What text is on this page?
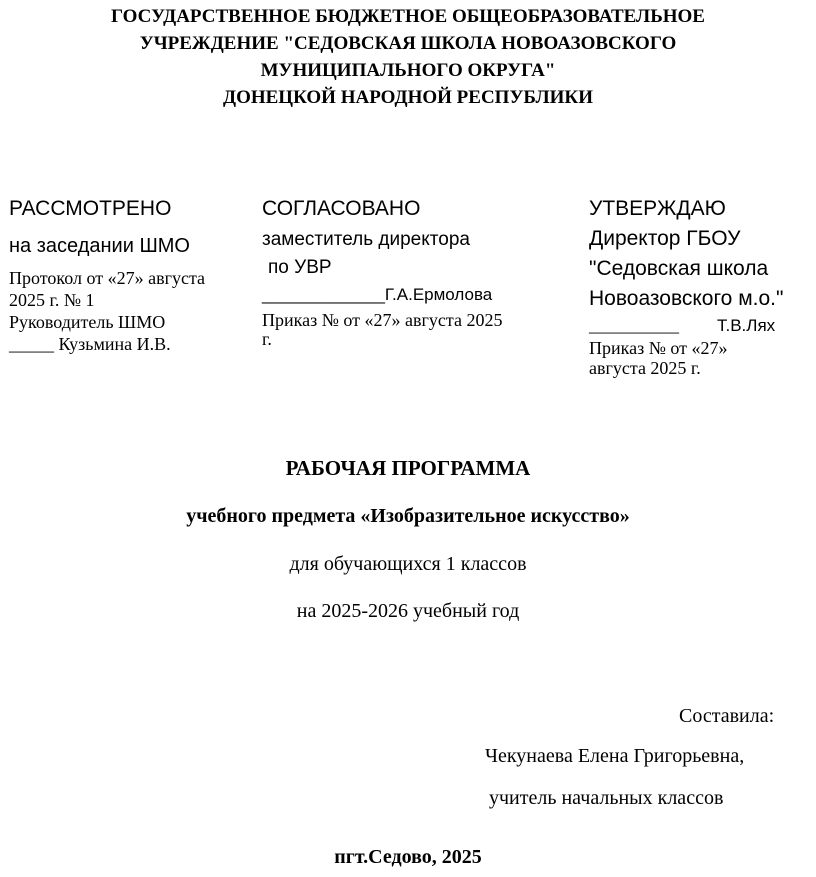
ГОСУДАРСТВЕННОЕ БЮДЖЕТНОЕ ОБЩЕОБРАЗОВАТЕЛЬНОЕ
УЧРЕЖДЕНИЕ "СЕДОВСКАЯ ШКОЛА НОВОАЗОВСКОГО
МУНИЦИПАЛЬНОГО ОКРУГА"
ДОНЕЦКОЙ НАРОДНОЙ РЕСПУБЛИКИ
РАССМОТРЕНО
на заседании ШМО
Протокол от «27» августа
2025 г. № 1
Руководитель ШМО
_____ Кузьмина И.В.
СОГЛАСОВАНО
заместитель директора
по УВР
_____________Г.А.Ермолова
Приказ № от «27» августа 2025
г.
УТВЕРЖДАЮ
Директор ГБОУ
"Седовская школа
Новоазовского м.о."
__________ Т.В.Лях
Приказ № от «27»
августа 2025 г.
РАБОЧАЯ ПРОГРАММА
учебного предмета «Изобразительное искусство»
для обучающихся 1 классов
на 2025-2026 учебный год
Составила:
Чекунаева Елена Григорьевна,
учитель начальных классов
пгт.Седово, 2025
